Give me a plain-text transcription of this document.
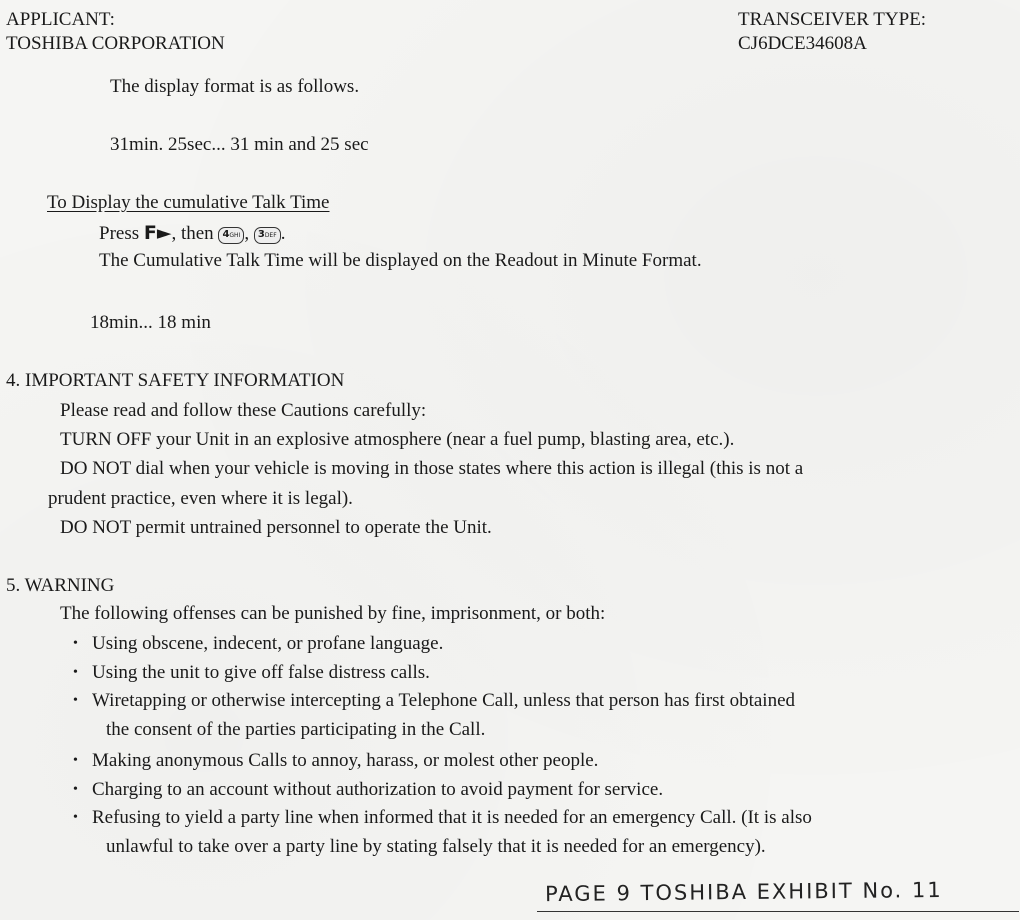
APPLICANT:
TOSHIBA CORPORATION
TRANSCEIVER TYPE:
CJ6DCE34608A
The display format is as follows.
31min. 25sec... 31 min and 25 sec
To Display the cumulative Talk Time
Press F►, then 4GHI , 3DEF .
The Cumulative Talk Time will be displayed on the Readout in Minute Format.
18min... 18 min
4. IMPORTANT SAFETY INFORMATION
Please read and follow these Cautions carefully:
TURN OFF your Unit in an explosive atmosphere (near a fuel pump, blasting area, etc.).
DO NOT dial when your vehicle is moving in those states where this action is illegal (this is not a
prudent practice, even where it is legal).
DO NOT permit untrained personnel to operate the Unit.
5. WARNING
The following offenses can be punished by fine, imprisonment, or both:
• Using obscene, indecent, or profane language.
• Using the unit to give off false distress calls.
• Wiretapping or otherwise intercepting a Telephone Call, unless that person has first obtained
the consent of the parties participating in the Call.
• Making anonymous Calls to annoy, harass, or molest other people.
• Charging to an account without authorization to avoid payment for service.
• Refusing to yield a party line when informed that it is needed for an emergency Call. (It is also
unlawful to take over a party line by stating falsely that it is needed for an emergency).
PAGE 9 TOSHIBA EXHIBIT No. 11
